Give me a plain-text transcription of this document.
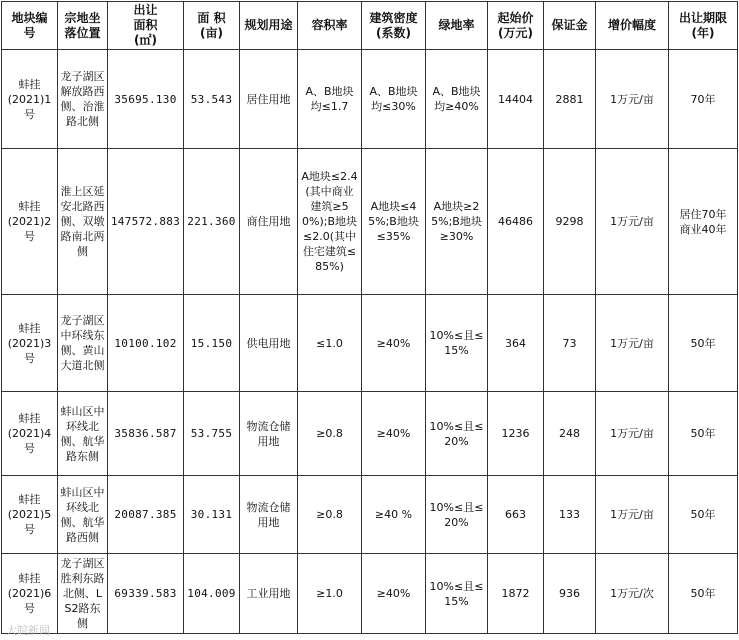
地块编
号	宗地坐
落位置	出让
面积
(㎡)	面 积
(亩)	规划用途	容积率	建筑密度
(系数)	绿地率	起始价
(万元)	保证金	增价幅度	出让期限
(年)
蚌挂
(2021)1
号	龙子湖区解放路西侧、治淮路北侧	35695.130	53.543	居住用地	A、B地块均≤1.7	A、B地块均≤30%	A、B地块均≥40%	14404	2881	1万元/亩	70年
蚌挂
(2021)2
号	淮上区延安北路西侧、双墩路南北两侧	147572.883	221.360	商住用地	A地块≤2.4(其中商业建筑≥50%);B地块≤2.0(其中住宅建筑≤85%)	A地块≤45%;B地块≤35%	A地块≥25%;B地块≥30%	46486	9298	1万元/亩	居住70年
商业40年
蚌挂
(2021)3
号	龙子湖区中环线东侧、黄山大道北侧	10100.102	15.150	供电用地	≤1.0	≥40%	10%≤且≤15%	364	73	1万元/亩	50年
蚌挂
(2021)4
号	蚌山区中环线北侧、航华路东侧	35836.587	53.755	物流仓储用地	≥0.8	≥40%	10%≤且≤20%	1236	248	1万元/亩	50年
蚌挂
(2021)5
号	蚌山区中环线北侧、航华路西侧	20087.385	30.131	物流仓储用地	≥0.8	≥40 %	10%≤且≤20%	663	133	1万元/亩	50年
蚌挂
(2021)6
号	龙子湖区胜利东路北侧、LS2路东侧	69339.583	104.009	工业用地	≥1.0	≥40%	10%≤且≤15%	1872	936	1万元/次	50年
大皖新闻
